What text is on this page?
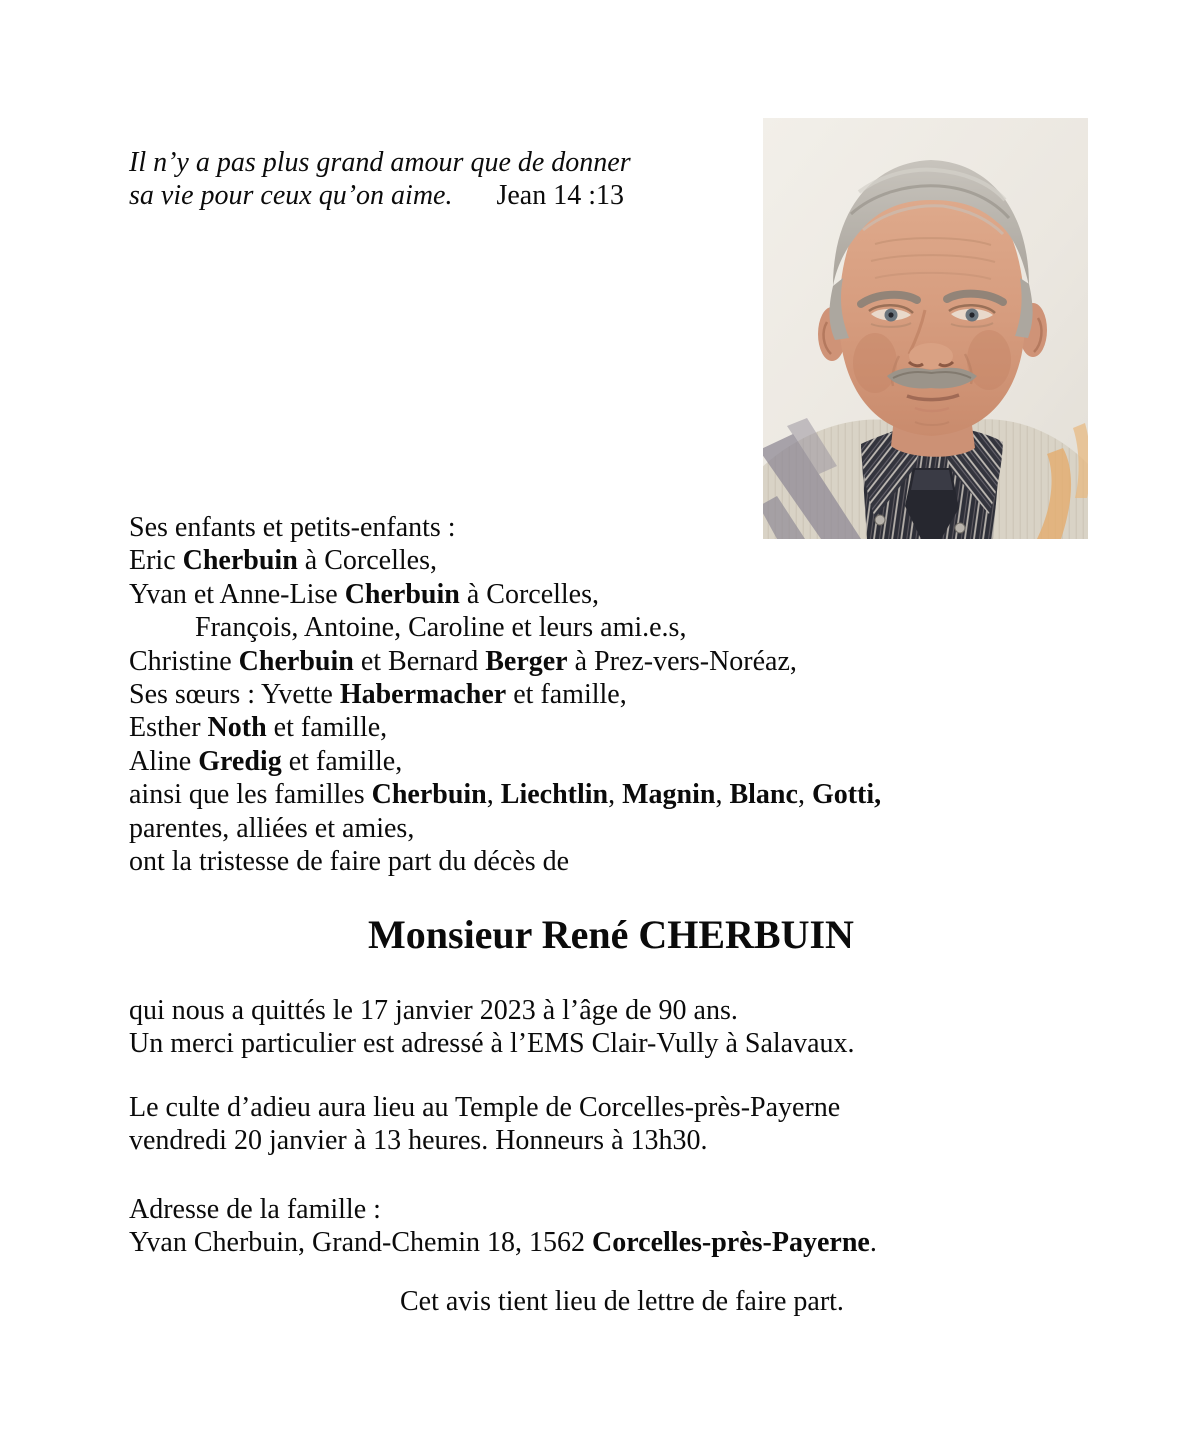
Il n’y a pas plus grand amour que de donner
sa vie pour ceux qu’on aime. Jean 14 :13
Ses enfants et petits-enfants :
Eric Cherbuin à Corcelles,
Yvan et Anne-Lise Cherbuin à Corcelles,
François, Antoine, Caroline et leurs ami.e.s,
Christine Cherbuin et Bernard Berger à Prez-vers-Noréaz,
Ses sœurs : Yvette Habermacher et famille,
Esther Noth et famille,
Aline Gredig et famille,
ainsi que les familles Cherbuin, Liechtlin, Magnin, Blanc, Gotti,
parentes, alliées et amies,
ont la tristesse de faire part du décès de
Monsieur René CHERBUIN
qui nous a quittés le 17 janvier 2023 à l’âge de 90 ans.
Un merci particulier est adressé à l’EMS Clair-Vully à Salavaux.
Le culte d’adieu aura lieu au Temple de Corcelles-près-Payerne
vendredi 20 janvier à 13 heures. Honneurs à 13h30.
Adresse de la famille :
Yvan Cherbuin, Grand-Chemin 18, 1562 Corcelles-près-Payerne.
Cet avis tient lieu de lettre de faire part.
